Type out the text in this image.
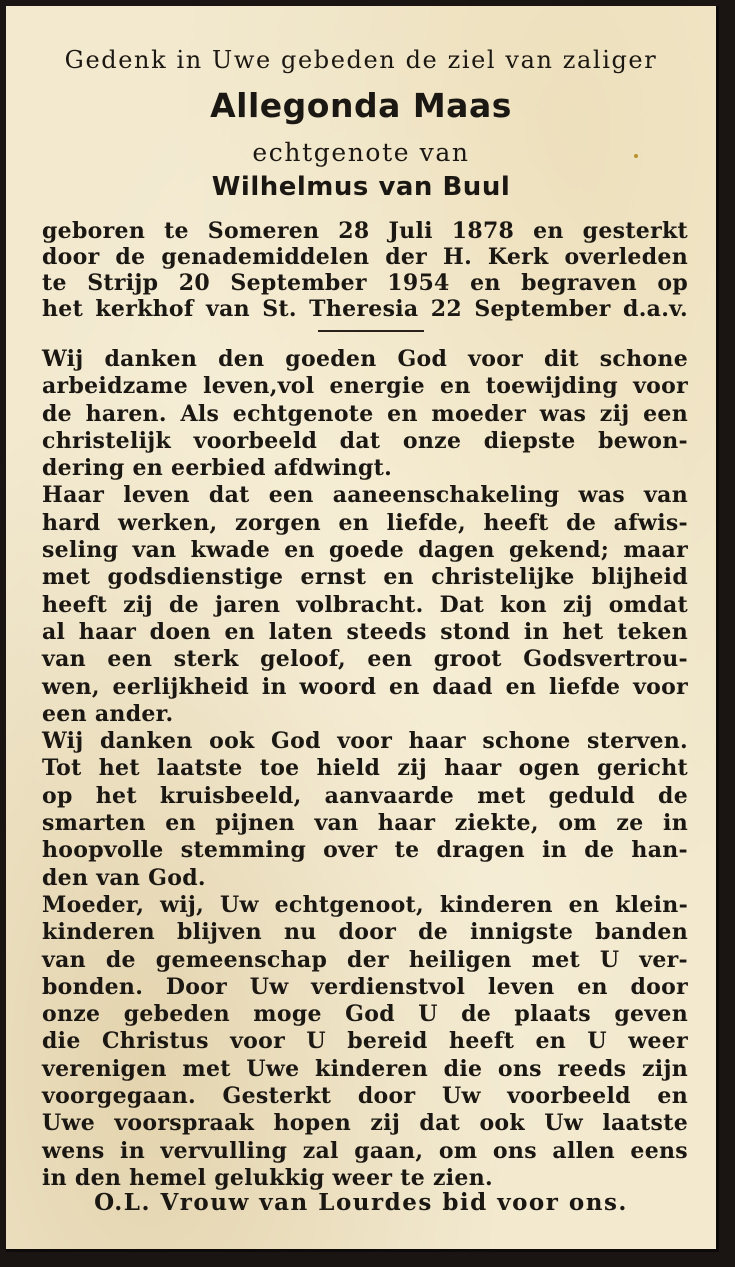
Gedenk in Uwe gebeden de ziel van zaliger
Allegonda Maas
echtgenote van
Wilhelmus van Buul
geboren te Someren 28 Juli 1878 en gesterkt
door de genademiddelen der H. Kerk overleden
te Strijp 20 September 1954 en begraven op
het kerkhof van St. Theresia 22 September d.a.v.
Wij danken den goeden God voor dit schone
arbeidzame leven,vol energie en toewijding voor
de haren. Als echtgenote en moeder was zij een
christelijk voorbeeld dat onze diepste bewon-
dering en eerbied afdwingt.
Haar leven dat een aaneenschakeling was van
hard werken, zorgen en liefde, heeft de afwis-
seling van kwade en goede dagen gekend; maar
met godsdienstige ernst en christelijke blijheid
heeft zij de jaren volbracht. Dat kon zij omdat
al haar doen en laten steeds stond in het teken
van een sterk geloof, een groot Godsvertrou-
wen, eerlijkheid in woord en daad en liefde voor
een ander.
Wij danken ook God voor haar schone sterven.
Tot het laatste toe hield zij haar ogen gericht
op het kruisbeeld, aanvaarde met geduld de
smarten en pijnen van haar ziekte, om ze in
hoopvolle stemming over te dragen in de han-
den van God.
Moeder, wij, Uw echtgenoot, kinderen en klein-
kinderen blijven nu door de innigste banden
van de gemeenschap der heiligen met U ver-
bonden. Door Uw verdienstvol leven en door
onze gebeden moge God U de plaats geven
die Christus voor U bereid heeft en U weer
verenigen met Uwe kinderen die ons reeds zijn
voorgegaan. Gesterkt door Uw voorbeeld en
Uwe voorspraak hopen zij dat ook Uw laatste
wens in vervulling zal gaan, om ons allen eens
in den hemel gelukkig weer te zien.
O.L. Vrouw van Lourdes bid voor ons.
